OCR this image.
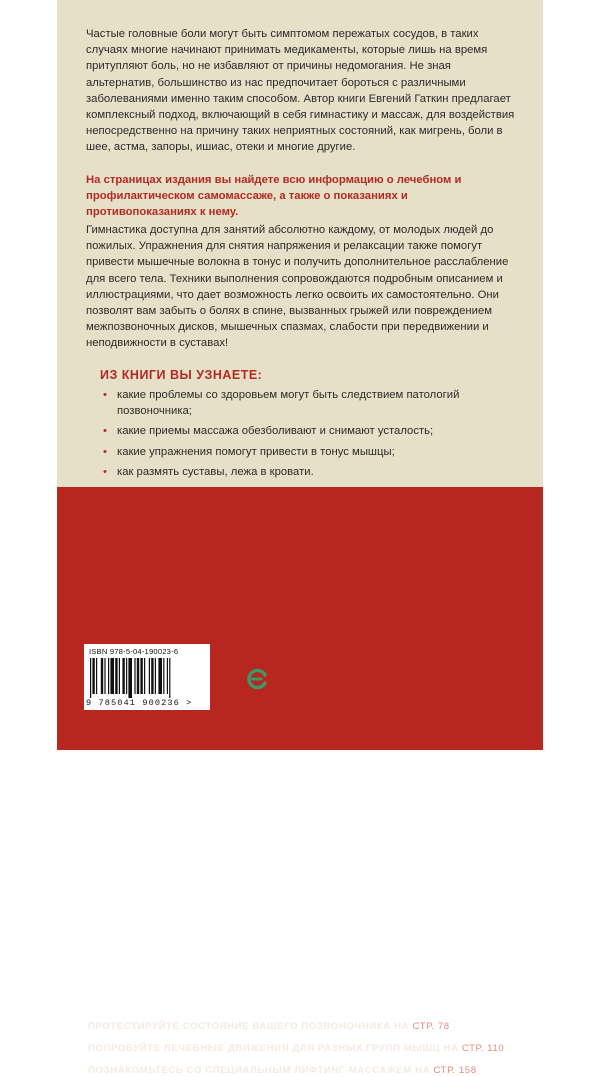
Частые головные боли могут быть симптомом пережатых сосудов, в таких случаях многие начинают принимать медикаменты, которые лишь на время притупляют боль, но не избавляют от причины недомогания. Не зная альтернатив, большинство из нас предпочитает бороться с различными заболеваниями именно таким способом. Автор книги Евгений Гаткин предлагает комплексный подход, включающий в себя гимнастику и массаж, для воздействия непосредственно на причину таких неприятных состояний, как мигрень, боли в шее, астма, запоры, ишиас, отеки и многие другие.

На страницах издания вы найдете всю информацию о лечебном и профилактическом самомассаже, а также о показаниях и противопоказаниях к нему.

Гимнастика доступна для занятий абсолютно каждому, от молодых людей до пожилых. Упражнения для снятия напряжения и релаксации также помогут привести мышечные волокна в тонус и получить дополнительное расслабление для всего тела. Техники выполнения сопровождаются подробным описанием и иллюстрациями, что дает возможность легко освоить их самостоятельно. Они позволят вам забыть о болях в спине, вызванных грыжей или повреждением межпозвоночных дисков, мышечных спазмах, слабости при передвижении и неподвижности в суставах!

ИЗ КНИГИ ВЫ УЗНАЕТЕ:

• какие проблемы со здоровьем могут быть следствием патологий позвоночника;
• какие приемы массажа обезболивают и снимают усталость;
• какие упражнения помогут привести в тонус мышцы;
• как размять суставы, лежа в кровати.
ПРОТЕСТИРУЙТЕ СОСТОЯНИЕ ВАШЕГО ПОЗВОНОЧНИКА НА СТР. 78
ПОПРОБУЙТЕ ЛЕЧЕБНЫЕ ДВИЖЕНИЯ ДЛЯ РАЗНЫХ ГРУПП МЫШЦ НА СТР. 110
ПОЗНАКОМЬТЕСЬ СО СПЕЦИАЛЬНЫМ ЛИФТИНГ-МАССАЖЕМ НА СТР. 158
ISBN 978-5-04-190023-6
9 785041 900236 >
